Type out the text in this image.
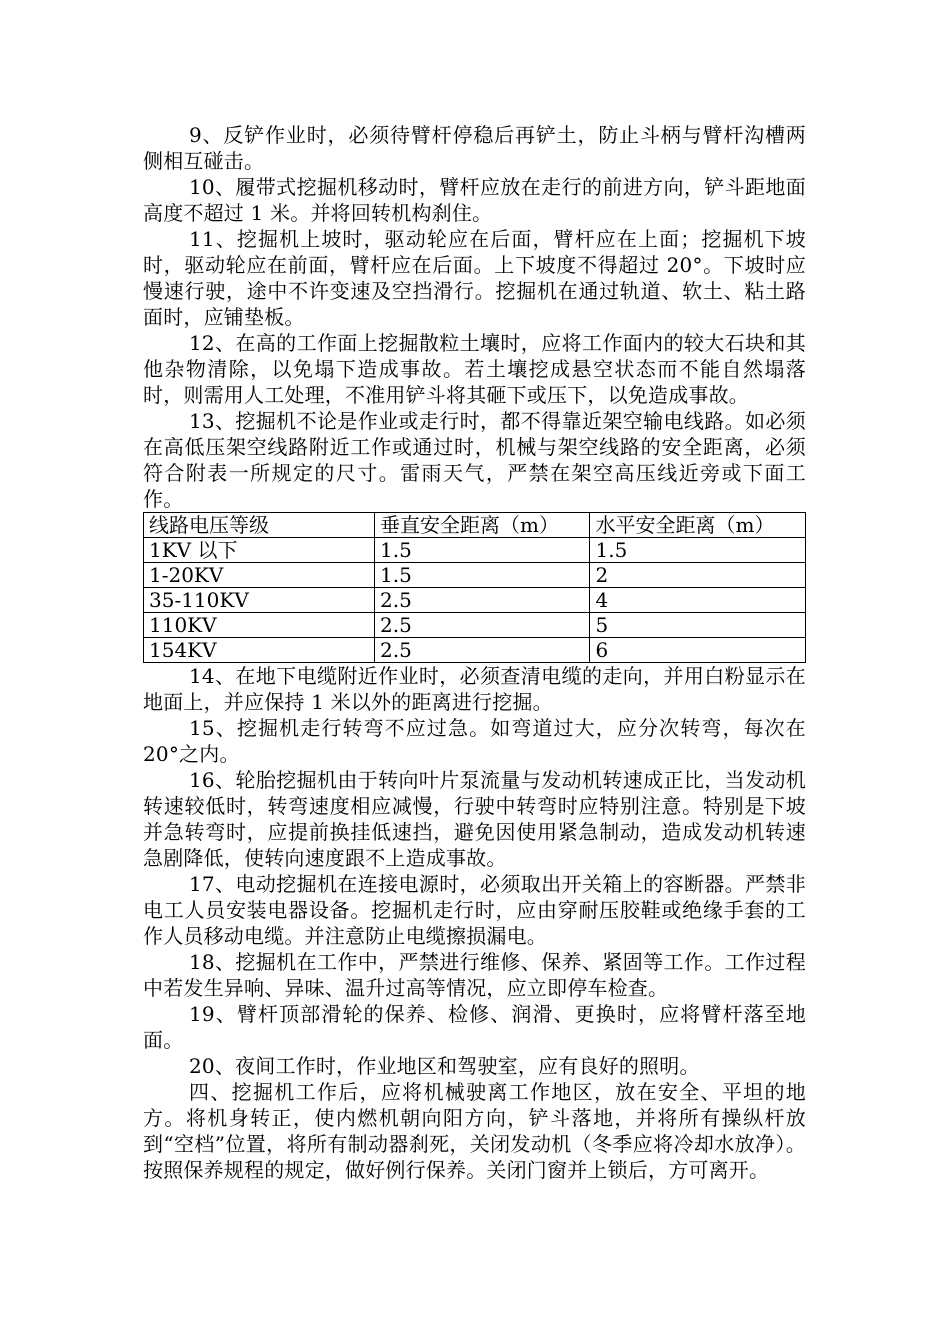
9、反铲作业时，必须待臂杆停稳后再铲土，防止斗柄与臂杆沟槽两侧相互碰击。

10、履带式挖掘机移动时，臂杆应放在走行的前进方向，铲斗距地面高度不超过 1 米。并将回转机构刹住。

11、挖掘机上坡时，驱动轮应在后面，臂杆应在上面；挖掘机下坡时，驱动轮应在前面，臂杆应在后面。上下坡度不得超过 20°。下坡时应慢速行驶，途中不许变速及空挡滑行。挖掘机在通过轨道、软土、粘土路面时，应铺垫板。

12、在高的工作面上挖掘散粒土壤时，应将工作面内的较大石块和其他杂物清除，以免塌下造成事故。若土壤挖成悬空状态而不能自然塌落时，则需用人工处理，不准用铲斗将其砸下或压下，以免造成事故。

13、挖掘机不论是作业或走行时，都不得靠近架空输电线路。如必须在高低压架空线路附近工作或通过时，机械与架空线路的安全距离，必须符合附表一所规定的尺寸。雷雨天气，严禁在架空高压线近旁或下面工作。

线路电压等级	垂直安全距离（m）	水平安全距离（m）
1KV 以下	1.5	1.5
1-20KV	1.5	2
35-110KV	2.5	4
110KV	2.5	5
154KV	2.5	6

14、在地下电缆附近作业时，必须查清电缆的走向，并用白粉显示在地面上，并应保持 1 米以外的距离进行挖掘。

15、挖掘机走行转弯不应过急。如弯道过大，应分次转弯，每次在 20°之内。

16、轮胎挖掘机由于转向叶片泵流量与发动机转速成正比，当发动机转速较低时，转弯速度相应减慢，行驶中转弯时应特别注意。特别是下坡并急转弯时，应提前换挂低速挡，避免因使用紧急制动，造成发动机转速急剧降低，使转向速度跟不上造成事故。

17、电动挖掘机在连接电源时，必须取出开关箱上的容断器。严禁非电工人员安装电器设备。挖掘机走行时，应由穿耐压胶鞋或绝缘手套的工作人员移动电缆。并注意防止电缆擦损漏电。

18、挖掘机在工作中，严禁进行维修、保养、紧固等工作。工作过程中若发生异响、异味、温升过高等情况，应立即停车检查。

19、臂杆顶部滑轮的保养、检修、润滑、更换时，应将臂杆落至地面。

20、夜间工作时，作业地区和驾驶室，应有良好的照明。

四、挖掘机工作后，应将机械驶离工作地区，放在安全、平坦的地方。将机身转正，使内燃机朝向阳方向，铲斗落地，并将所有操纵杆放到“空档”位置，将所有制动器刹死，关闭发动机（冬季应将冷却水放净）。按照保养规程的规定，做好例行保养。关闭门窗并上锁后，方可离开。
